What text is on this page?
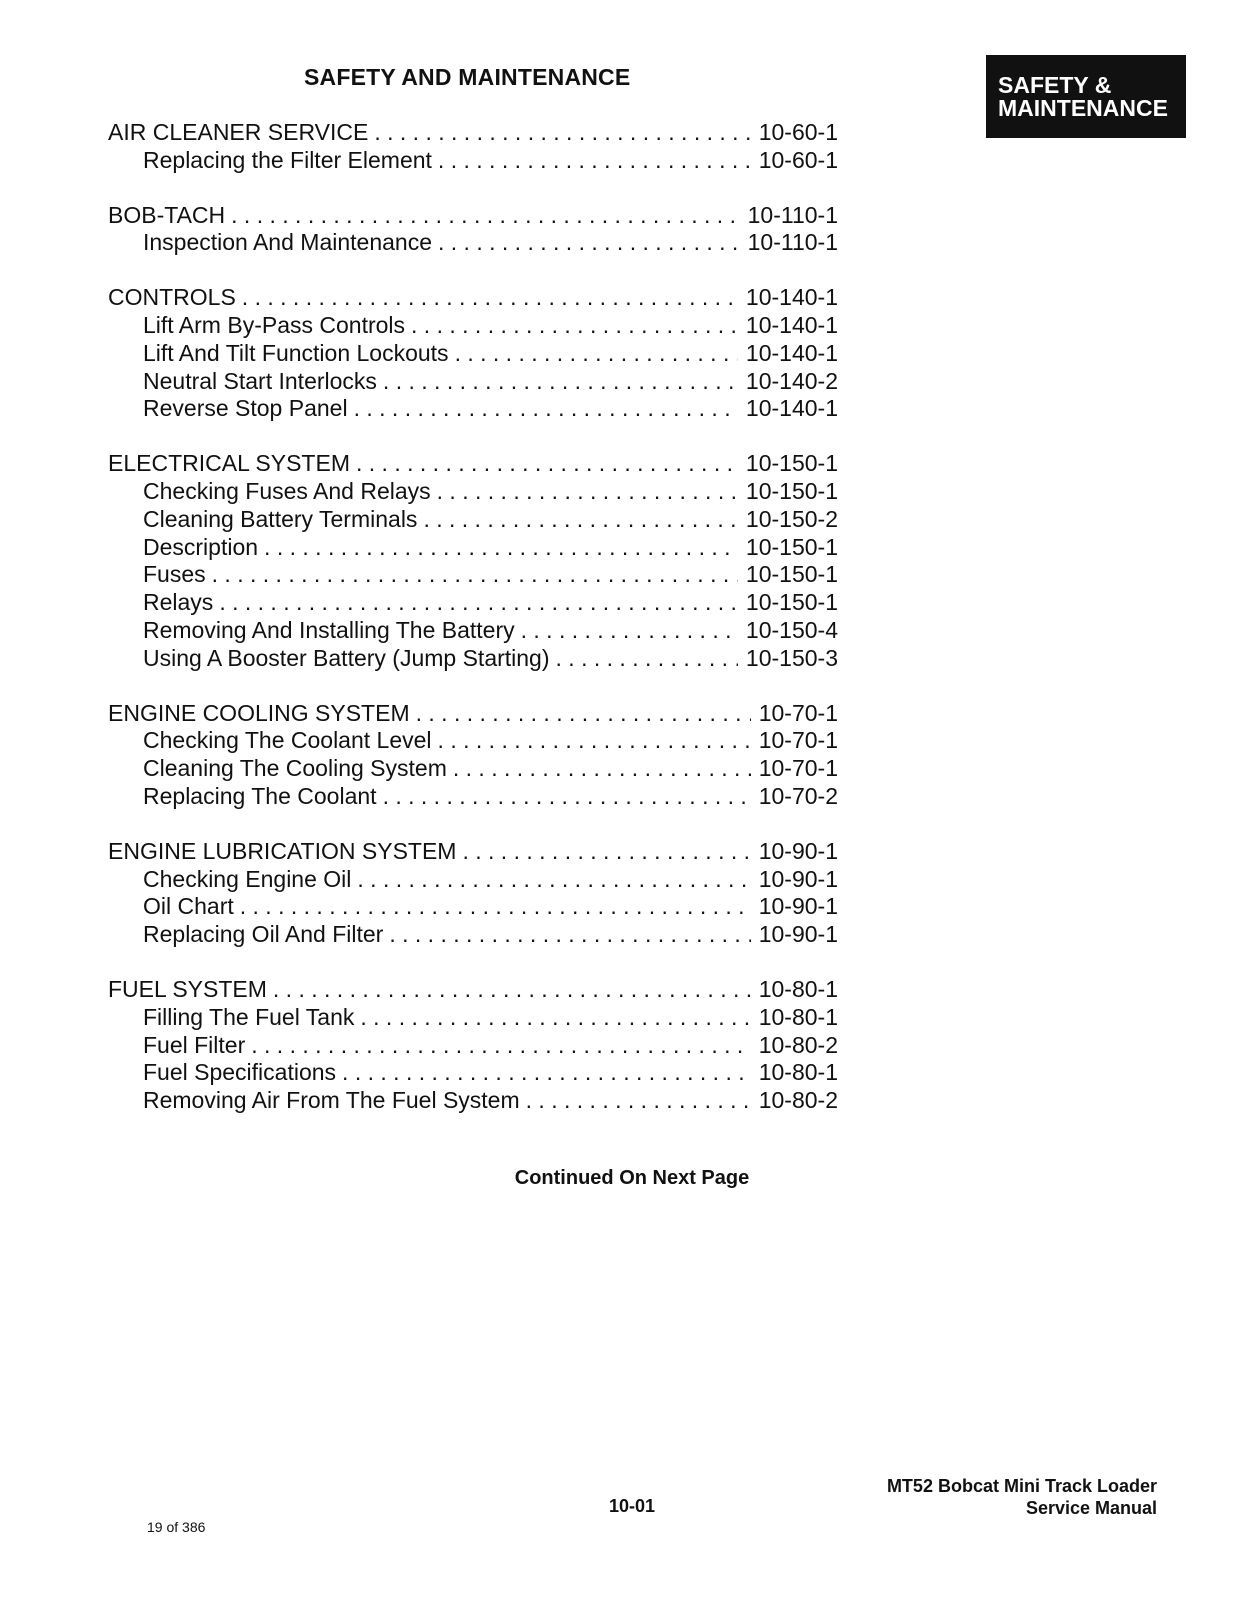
SAFETY AND MAINTENANCE	SAFETY &
MAINTENANCE
AIR CLEANER SERVICE . . .	10-60-1
Replacing the Filter Element . . .	10-60-1
BOB-TACH . . .	10-110-1
Inspection And Maintenance . . .	10-110-1
CONTROLS . . .	10-140-1
Lift Arm By-Pass Controls . . .	10-140-1
Lift And Tilt Function Lockouts . . .	10-140-1
Neutral Start Interlocks . . .	10-140-2
Reverse Stop Panel . . .	10-140-1
ELECTRICAL SYSTEM . . .	10-150-1
Checking Fuses And Relays . . .	10-150-1
Cleaning Battery Terminals . . .	10-150-2
Description . . .	10-150-1
Fuses . . .	10-150-1
Relays . . .	10-150-1
Removing And Installing The Battery . . .	10-150-4
Using A Booster Battery (Jump Starting) . . .	10-150-3
ENGINE COOLING SYSTEM . . .	10-70-1
Checking The Coolant Level . . .	10-70-1
Cleaning The Cooling System . . .	10-70-1
Replacing The Coolant . . .	10-70-2
ENGINE LUBRICATION SYSTEM . . .	10-90-1
Checking Engine Oil . . .	10-90-1
Oil Chart . . .	10-90-1
Replacing Oil And Filter . . .	10-90-1
FUEL SYSTEM . . .	10-80-1
Filling The Fuel Tank . . .	10-80-1
Fuel Filter . . .	10-80-2
Fuel Specifications . . .	10-80-1
Removing Air From The Fuel System . . .	10-80-2
Continued On Next Page
10-01
MT52 Bobcat Mini Track Loader
Service Manual
19 of 386
